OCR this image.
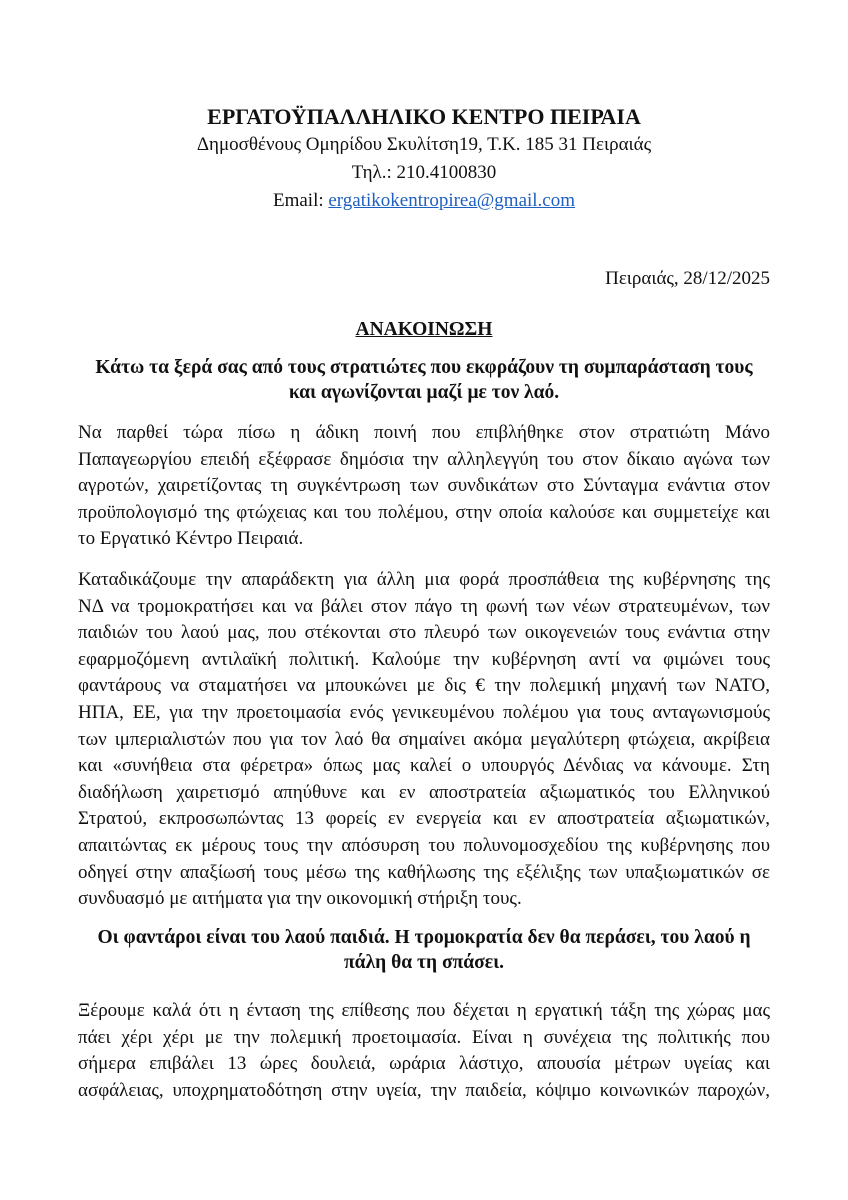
ΕΡΓΑΤΟΫΠΑΛΛΗΛΙΚΟ ΚΕΝΤΡΟ ΠΕΙΡΑΙΑ
Δημοσθένους Ομηρίδου Σκυλίτση19, Τ.Κ. 185 31 Πειραιάς
Τηλ.: 210.4100830
Email: ergatikokentropirea@gmail.com
Πειραιάς, 28/12/2025
ΑΝΑΚΟΙΝΩΣΗ
Κάτω τα ξερά σας από τους στρατιώτες που εκφράζουν τη συμπαράσταση τους
και αγωνίζονται μαζί με τον λαό.
Να παρθεί τώρα πίσω η άδικη ποινή που επιβλήθηκε στον στρατιώτη Μάνο
Παπαγεωργίου επειδή εξέφρασε δημόσια την αλληλεγγύη του στον δίκαιο αγώνα των
αγροτών, χαιρετίζοντας τη συγκέντρωση των συνδικάτων στο Σύνταγμα ενάντια στον
προϋπολογισμό της φτώχειας και του πολέμου, στην οποία καλούσε και συμμετείχε και
το Εργατικό Κέντρο Πειραιά.
Καταδικάζουμε την απαράδεκτη για άλλη μια φορά προσπάθεια της κυβέρνησης της
ΝΔ να τρομοκρατήσει και να βάλει στον πάγο τη φωνή των νέων στρατευμένων, των
παιδιών του λαού μας, που στέκονται στο πλευρό των οικογενειών τους ενάντια στην
εφαρμοζόμενη αντιλαϊκή πολιτική. Καλούμε την κυβέρνηση αντί να φιμώνει τους
φαντάρους να σταματήσει να μπουκώνει με δις € την πολεμική μηχανή των ΝΑΤΟ,
ΗΠΑ, ΕΕ, για την προετοιμασία ενός γενικευμένου πολέμου για τους ανταγωνισμούς
των ιμπεριαλιστών που για τον λαό θα σημαίνει ακόμα μεγαλύτερη φτώχεια, ακρίβεια
και «συνήθεια στα φέρετρα» όπως μας καλεί ο υπουργός Δένδιας να κάνουμε. Στη
διαδήλωση χαιρετισμό απηύθυνε και εν αποστρατεία αξιωματικός του Ελληνικού
Στρατού, εκπροσωπώντας 13 φορείς εν ενεργεία και εν αποστρατεία αξιωματικών,
απαιτώντας εκ μέρους τους την απόσυρση του πολυνομοσχεδίου της κυβέρνησης που
οδηγεί στην απαξίωσή τους μέσω της καθήλωσης της εξέλιξης των υπαξιωματικών σε
συνδυασμό με αιτήματα για την οικονομική στήριξη τους.
Οι φαντάροι είναι του λαού παιδιά. Η τρομοκρατία δεν θα περάσει, του λαού η
πάλη θα τη σπάσει.
Ξέρουμε καλά ότι η ένταση της επίθεσης που δέχεται η εργατική τάξη της χώρας μας
πάει χέρι χέρι με την πολεμική προετοιμασία. Είναι η συνέχεια της πολιτικής που
σήμερα επιβάλει 13 ώρες δουλειά, ωράρια λάστιχο, απουσία μέτρων υγείας και
ασφάλειας, υποχρηματοδότηση στην υγεία, την παιδεία, κόψιμο κοινωνικών παροχών,
